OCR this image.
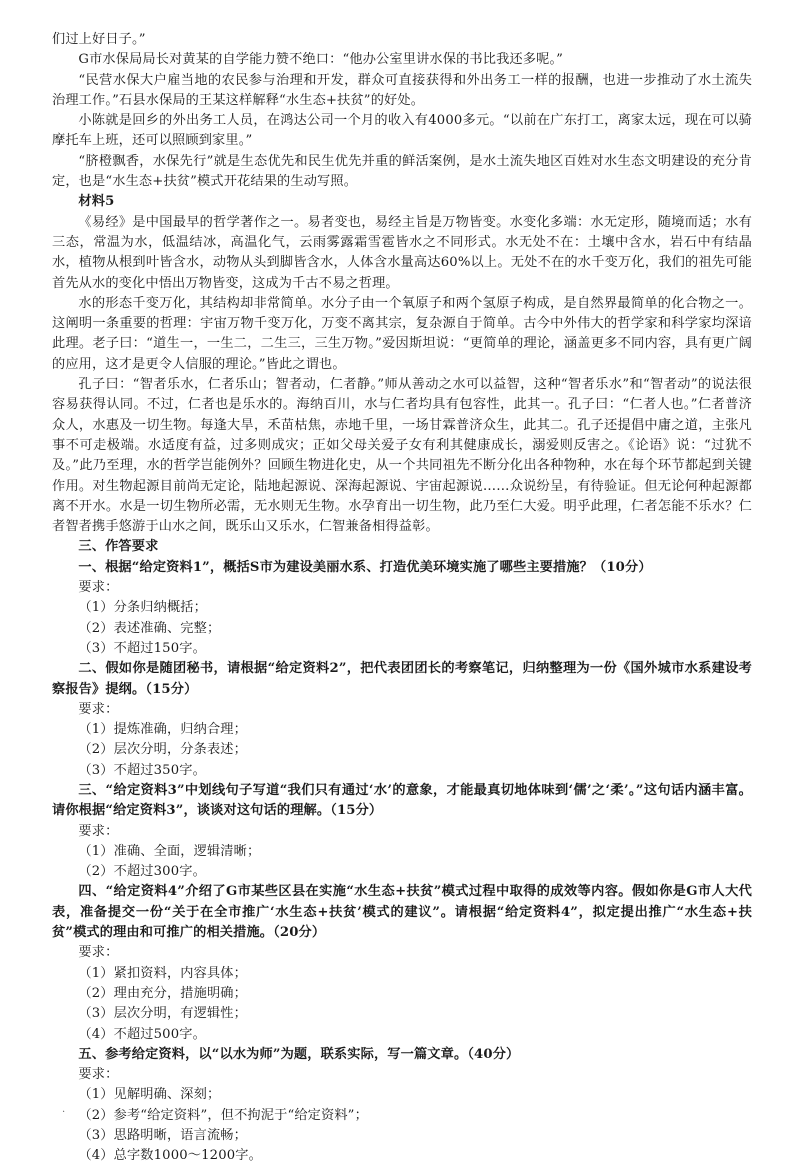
们过上好日子。”

G市水保局局长对黄某的自学能力赞不绝口：“他办公室里讲水保的书比我还多呢。”

“民营水保大户雇当地的农民参与治理和开发，群众可直接获得和外出务工一样的报酬，也进一步推动了水土流失治理工作。”石县水保局的王某这样解释“水生态+扶贫”的好处。

小陈就是回乡的外出务工人员，在鸿达公司一个月的收入有4000多元。“以前在广东打工，离家太远，现在可以骑摩托车上班，还可以照顾到家里。”

“脐橙飘香，水保先行”就是生态优先和民生优先并重的鲜活案例，是水土流失地区百姓对水生态文明建设的充分肯定，也是“水生态+扶贫”模式开花结果的生动写照。

材料5

《易经》是中国最早的哲学著作之一。易者变也，易经主旨是万物皆变。水变化多端：水无定形，随境而适；水有三态，常温为水，低温结冰，高温化气，云雨雾露霜雪雹皆水之不同形式。水无处不在：土壤中含水，岩石中有结晶水，植物从根到叶皆含水，动物从头到脚皆含水，人体含水量高达60%以上。无处不在的水千变万化，我们的祖先可能首先从水的变化中悟出万物皆变，这成为千古不易之哲理。

水的形态千变万化，其结构却非常简单。水分子由一个氧原子和两个氢原子构成，是自然界最简单的化合物之一。这阐明一条重要的哲理：宇宙万物千变万化，万变不离其宗，复杂源自于简单。古今中外伟大的哲学家和科学家均深谙此理。老子曰：“道生一，一生二，二生三，三生万物。”爱因斯坦说：“更简单的理论，涵盖更多不同内容，具有更广阔的应用，这才是更令人信服的理论。”皆此之谓也。

孔子曰：“智者乐水，仁者乐山；智者动，仁者静。”师从善动之水可以益智，这种“智者乐水”和“智者动”的说法很容易获得认同。不过，仁者也是乐水的。海纳百川，水与仁者均具有包容性，此其一。孔子曰：“仁者人也。”仁者普济众人，水惠及一切生物。每逢大旱，禾苗枯焦，赤地千里，一场甘霖普济众生，此其二。孔子还提倡中庸之道，主张凡事不可走极端。水适度有益，过多则成灾；正如父母关爱子女有利其健康成长，溺爱则反害之。《论语》说：“过犹不及。”此乃至理，水的哲学岂能例外？回顾生物进化史，从一个共同祖先不断分化出各种物种，水在每个环节都起到关键作用。对生物起源目前尚无定论，陆地起源说、深海起源说、宇宙起源说……众说纷呈，有待验证。但无论何种起源都离不开水。水是一切生物所必需，无水则无生物。水孕育出一切生物，此乃至仁大爱。明乎此理，仁者怎能不乐水？仁者智者携手悠游于山水之间，既乐山又乐水，仁智兼备相得益彰。

三、作答要求

一、根据“给定资料1”，概括S市为建设美丽水系、打造优美环境实施了哪些主要措施？（10分）

要求：

（1）分条归纳概括；

（2）表述准确、完整；

（3）不超过150字。

二、假如你是随团秘书，请根据“给定资料2”，把代表团团长的考察笔记，归纳整理为一份《国外城市水系建设考察报告》提纲。（15分）

要求：

（1）提炼准确，归纳合理；

（2）层次分明，分条表述；

（3）不超过350字。

三、“给定资料3”中划线句子写道“我们只有通过‘水’的意象，才能最真切地体味到‘儒’之‘柔’。”这句话内涵丰富。请你根据“给定资料3”，谈谈对这句话的理解。（15分）

要求：

（1）准确、全面，逻辑清晰；

（2）不超过300字。

四、“给定资料4”介绍了G市某些区县在实施“水生态+扶贫”模式过程中取得的成效等内容。假如你是G市人大代表，准备提交一份“关于在全市推广‘水生态+扶贫’模式的建议”。请根据“给定资料4”，拟定提出推广“水生态+扶贫”模式的理由和可推广的相关措施。（20分）

要求：

（1）紧扣资料，内容具体；

（2）理由充分，措施明确；

（3）层次分明，有逻辑性；

（4）不超过500字。

五、参考给定资料，以“以水为师”为题，联系实际，写一篇文章。（40分）

要求：

（1）见解明确、深刻；

（2）参考“给定资料”，但不拘泥于“给定资料”；

（3）思路明晰，语言流畅；

（4）总字数1000～1200字。

.
